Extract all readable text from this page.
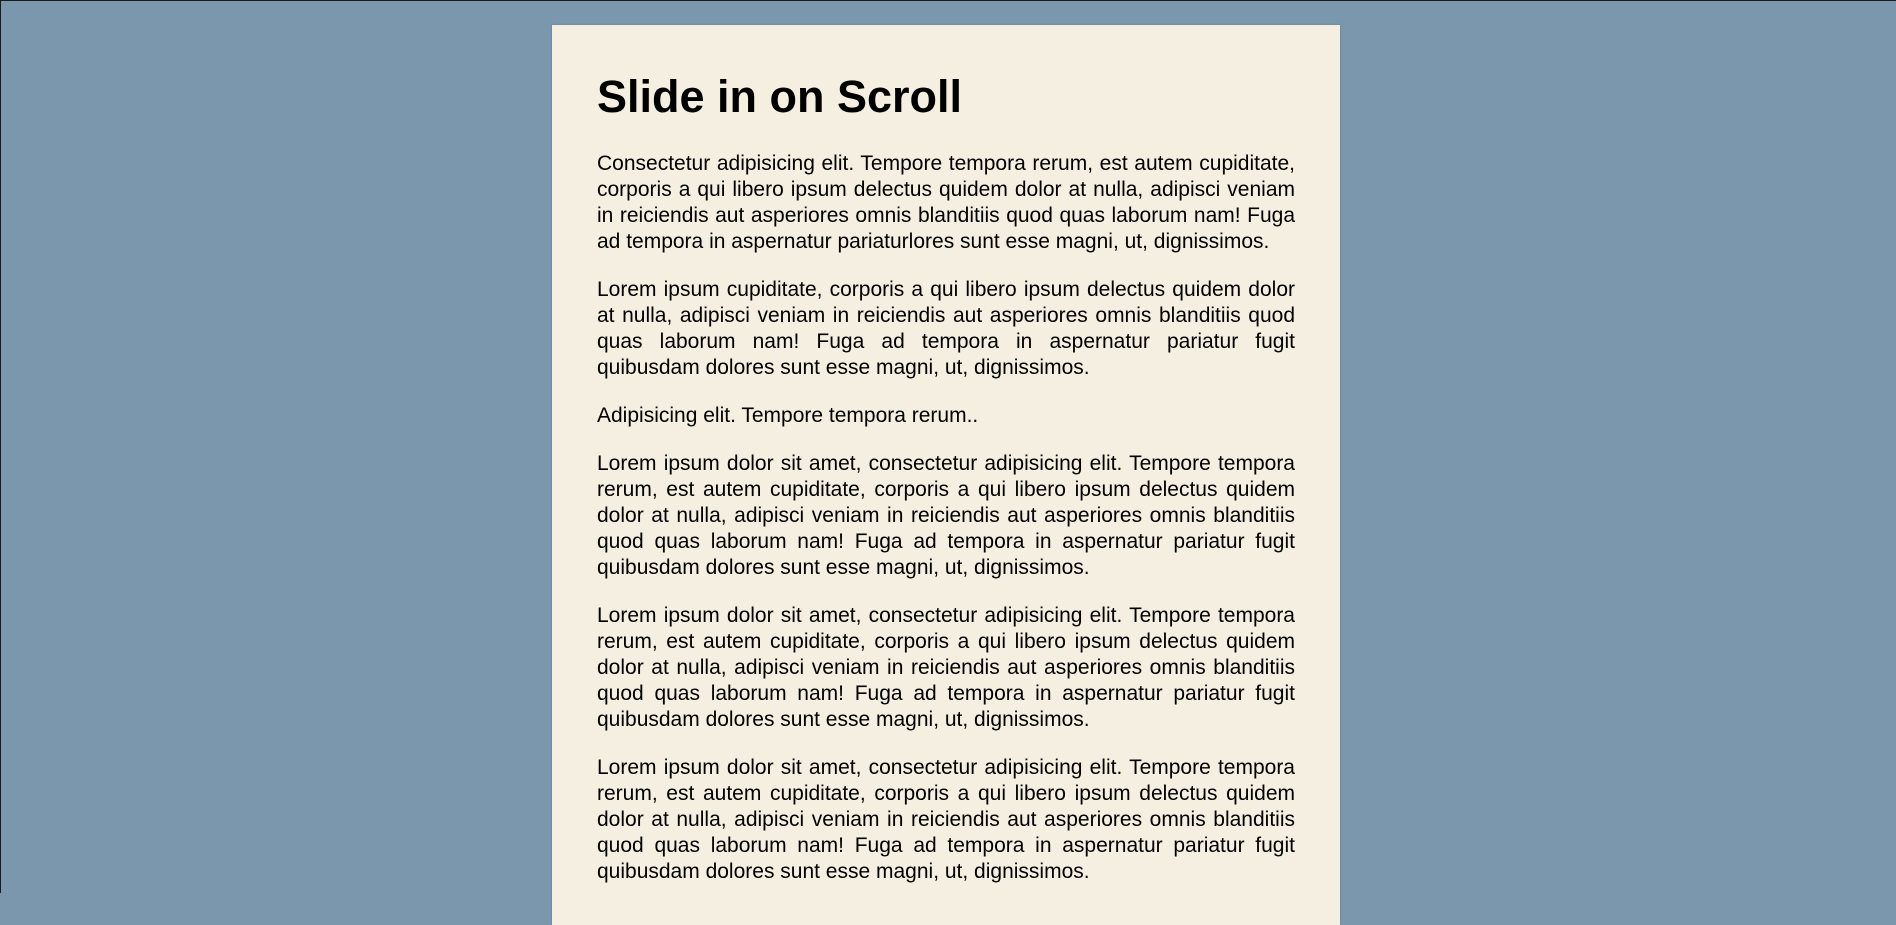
Slide in on Scroll

Consectetur adipisicing elit. Tempore tempora rerum, est autem cupiditate, corporis a qui libero ipsum delectus quidem dolor at nulla, adipisci veniam in reiciendis aut asperiores omnis blanditiis quod quas laborum nam! Fuga ad tempora in aspernatur pariaturlores sunt esse magni, ut, dignissimos.

Lorem ipsum cupiditate, corporis a qui libero ipsum delectus quidem dolor at nulla, adipisci veniam in reiciendis aut asperiores omnis blanditiis quod quas laborum nam! Fuga ad tempora in aspernatur pariatur fugit quibusdam dolores sunt esse magni, ut, dignissimos.

Adipisicing elit. Tempore tempora rerum..

Lorem ipsum dolor sit amet, consectetur adipisicing elit. Tempore tempora rerum, est autem cupiditate, corporis a qui libero ipsum delectus quidem dolor at nulla, adipisci veniam in reiciendis aut asperiores omnis blanditiis quod quas laborum nam! Fuga ad tempora in aspernatur pariatur fugit quibusdam dolores sunt esse magni, ut, dignissimos.

Lorem ipsum dolor sit amet, consectetur adipisicing elit. Tempore tempora rerum, est autem cupiditate, corporis a qui libero ipsum delectus quidem dolor at nulla, adipisci veniam in reiciendis aut asperiores omnis blanditiis quod quas laborum nam! Fuga ad tempora in aspernatur pariatur fugit quibusdam dolores sunt esse magni, ut, dignissimos.

Lorem ipsum dolor sit amet, consectetur adipisicing elit. Tempore tempora rerum, est autem cupiditate, corporis a qui libero ipsum delectus quidem dolor at nulla, adipisci veniam in reiciendis aut asperiores omnis blanditiis quod quas laborum nam! Fuga ad tempora in aspernatur pariatur fugit quibusdam dolores sunt esse magni, ut, dignissimos.
